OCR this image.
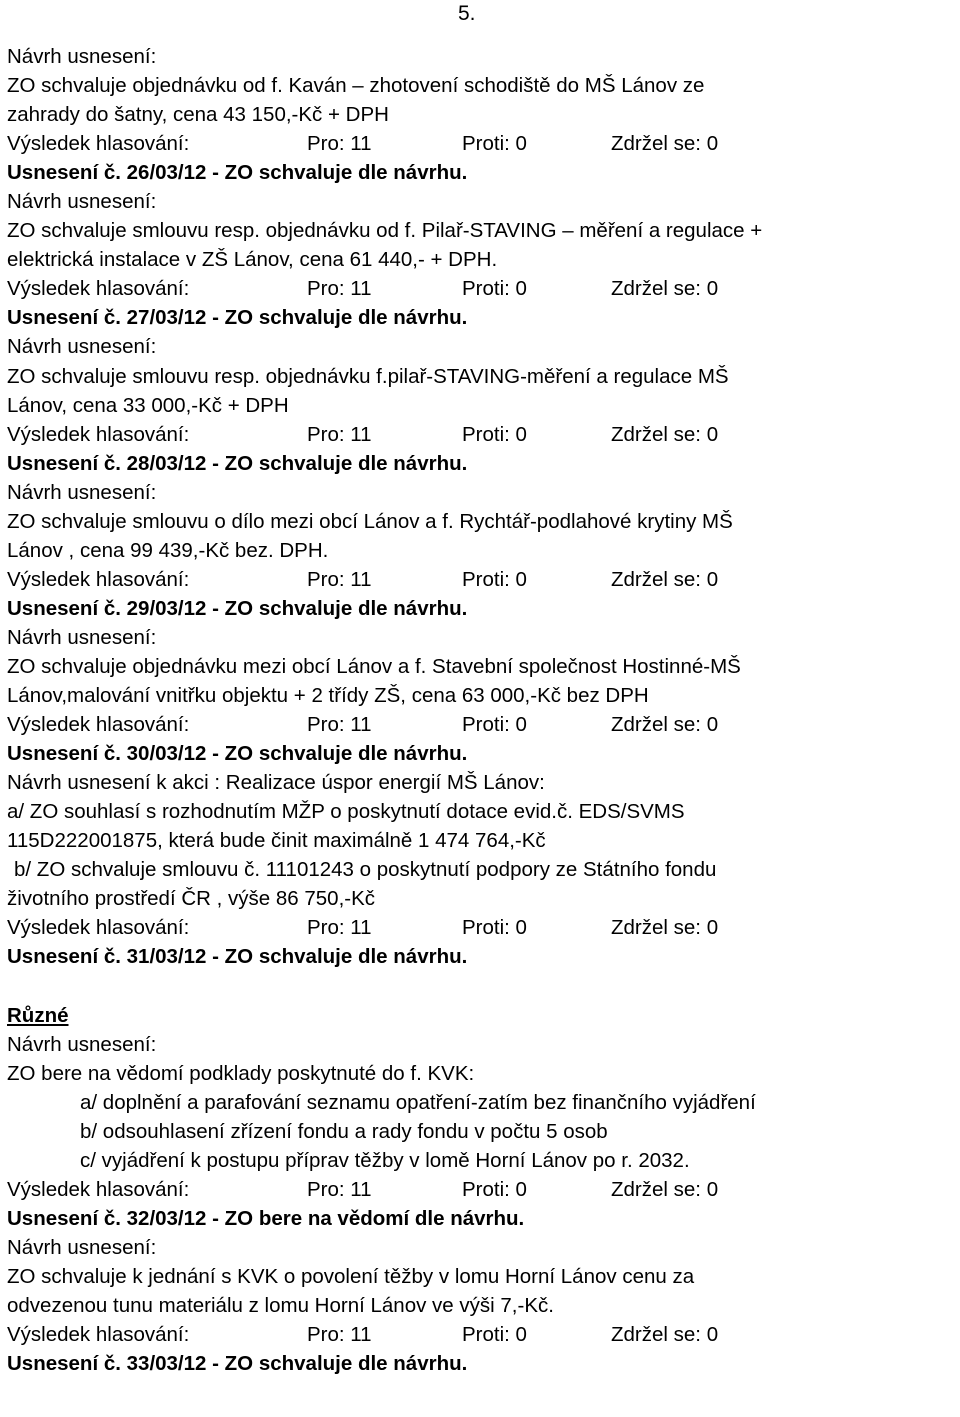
5.
Návrh usnesení:
ZO schvaluje objednávku od f. Kaván – zhotovení schodiště do MŠ Lánov ze
zahrady do šatny, cena 43 150,-Kč + DPH
Výsledek hlasování:	Pro: 11	Proti: 0	Zdržel se: 0
Usnesení č. 26/03/12 - ZO schvaluje dle návrhu.
Návrh usnesení:
ZO schvaluje smlouvu resp. objednávku od f. Pilař-STAVING – měření a regulace +
elektrická instalace v ZŠ Lánov, cena 61 440,- + DPH.
Výsledek hlasování:	Pro: 11	Proti: 0	Zdržel se: 0
Usnesení č. 27/03/12 - ZO schvaluje dle návrhu.
Návrh usnesení:
ZO schvaluje smlouvu resp. objednávku f.pilař-STAVING-měření a regulace MŠ
Lánov, cena 33 000,-Kč + DPH
Výsledek hlasování:	Pro: 11	Proti: 0	Zdržel se: 0
Usnesení č. 28/03/12 - ZO schvaluje dle návrhu.
Návrh usnesení:
ZO schvaluje smlouvu o dílo mezi obcí Lánov a f. Rychtář-podlahové krytiny MŠ
Lánov , cena 99 439,-Kč bez. DPH.
Výsledek hlasování:	Pro: 11	Proti: 0	Zdržel se: 0
Usnesení č. 29/03/12 - ZO schvaluje dle návrhu.
Návrh usnesení:
ZO schvaluje objednávku mezi obcí Lánov a f. Stavební společnost Hostinné-MŠ
Lánov,malování vnitřku objektu + 2 třídy ZŠ, cena 63 000,-Kč bez DPH
Výsledek hlasování:	Pro: 11	Proti: 0	Zdržel se: 0
Usnesení č. 30/03/12 - ZO schvaluje dle návrhu.
Návrh usnesení k akci : Realizace úspor energií MŠ Lánov:
a/ ZO souhlasí s rozhodnutím MŽP o poskytnutí dotace evid.č. EDS/SVMS
115D222001875, která bude činit maximálně 1 474 764,-Kč
b/ ZO schvaluje smlouvu č. 11101243 o poskytnutí podpory ze Státního fondu
životního prostředí ČR , výše 86 750,-Kč
Výsledek hlasování:	Pro: 11	Proti: 0	Zdržel se: 0
Usnesení č. 31/03/12 - ZO schvaluje dle návrhu.
Různé
Návrh usnesení:
ZO bere na vědomí podklady poskytnuté do f. KVK:
a/ doplnění a parafování seznamu opatření-zatím bez finančního vyjádření
b/ odsouhlasení zřízení fondu a rady fondu v počtu 5 osob
c/ vyjádření k postupu příprav těžby v lomě Horní Lánov po r. 2032.
Výsledek hlasování:	Pro: 11	Proti: 0	Zdržel se: 0
Usnesení č. 32/03/12 - ZO bere na vědomí dle návrhu.
Návrh usnesení:
ZO schvaluje k jednání s KVK o povolení těžby v lomu Horní Lánov cenu za
odvezenou tunu materiálu z lomu Horní Lánov ve výši 7,-Kč.
Výsledek hlasování:	Pro: 11	Proti: 0	Zdržel se: 0
Usnesení č. 33/03/12 - ZO schvaluje dle návrhu.
